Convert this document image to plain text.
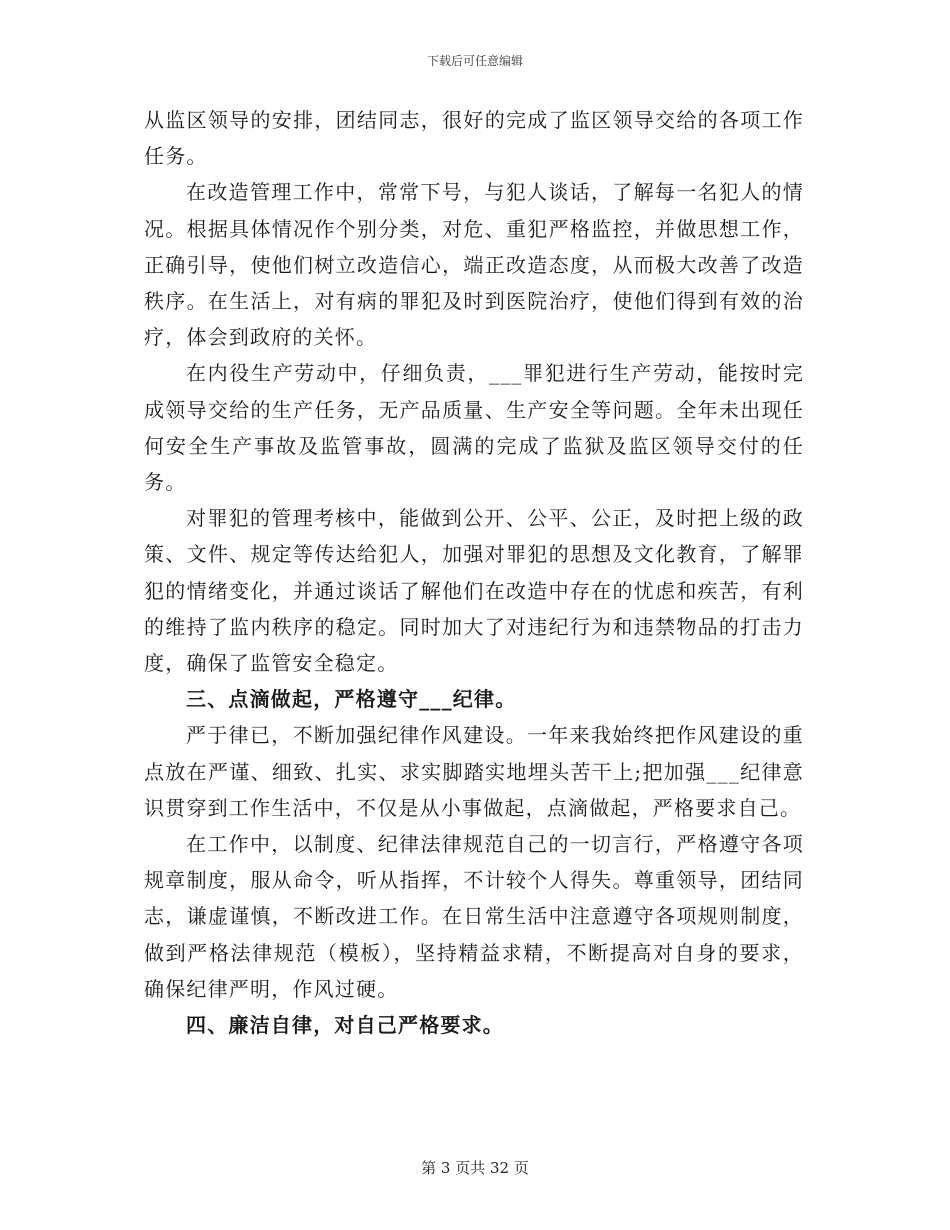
下载后可任意编辑

从监区领导的安排，团结同志，很好的完成了监区领导交给的各项工作任务。

在改造管理工作中，常常下号，与犯人谈话，了解每一名犯人的情况。根据具体情况作个别分类，对危、重犯严格监控，并做思想工作，正确引导，使他们树立改造信心，端正改造态度，从而极大改善了改造秩序。在生活上，对有病的罪犯及时到医院治疗，使他们得到有效的治疗，体会到政府的关怀。

在内役生产劳动中，仔细负责，___罪犯进行生产劳动，能按时完成领导交给的生产任务，无产品质量、生产安全等问题。全年未出现任何安全生产事故及监管事故，圆满的完成了监狱及监区领导交付的任务。

对罪犯的管理考核中，能做到公开、公平、公正，及时把上级的政策、文件、规定等传达给犯人，加强对罪犯的思想及文化教育，了解罪犯的情绪变化，并通过谈话了解他们在改造中存在的忧虑和疾苦，有利的维持了监内秩序的稳定。同时加大了对违纪行为和违禁物品的打击力度，确保了监管安全稳定。

三、点滴做起，严格遵守___纪律。

严于律已，不断加强纪律作风建设。一年来我始终把作风建设的重点放在严谨、细致、扎实、求实脚踏实地埋头苦干上;把加强___纪律意识贯穿到工作生活中，不仅是从小事做起，点滴做起，严格要求自己。

在工作中，以制度、纪律法律规范自己的一切言行，严格遵守各项规章制度，服从命令，听从指挥，不计较个人得失。尊重领导，团结同志，谦虚谨慎，不断改进工作。在日常生活中注意遵守各项规则制度，做到严格法律规范（模板），坚持精益求精，不断提高对自身的要求，确保纪律严明，作风过硬。

四、廉洁自律，对自己严格要求。

第 3 页共 32 页
